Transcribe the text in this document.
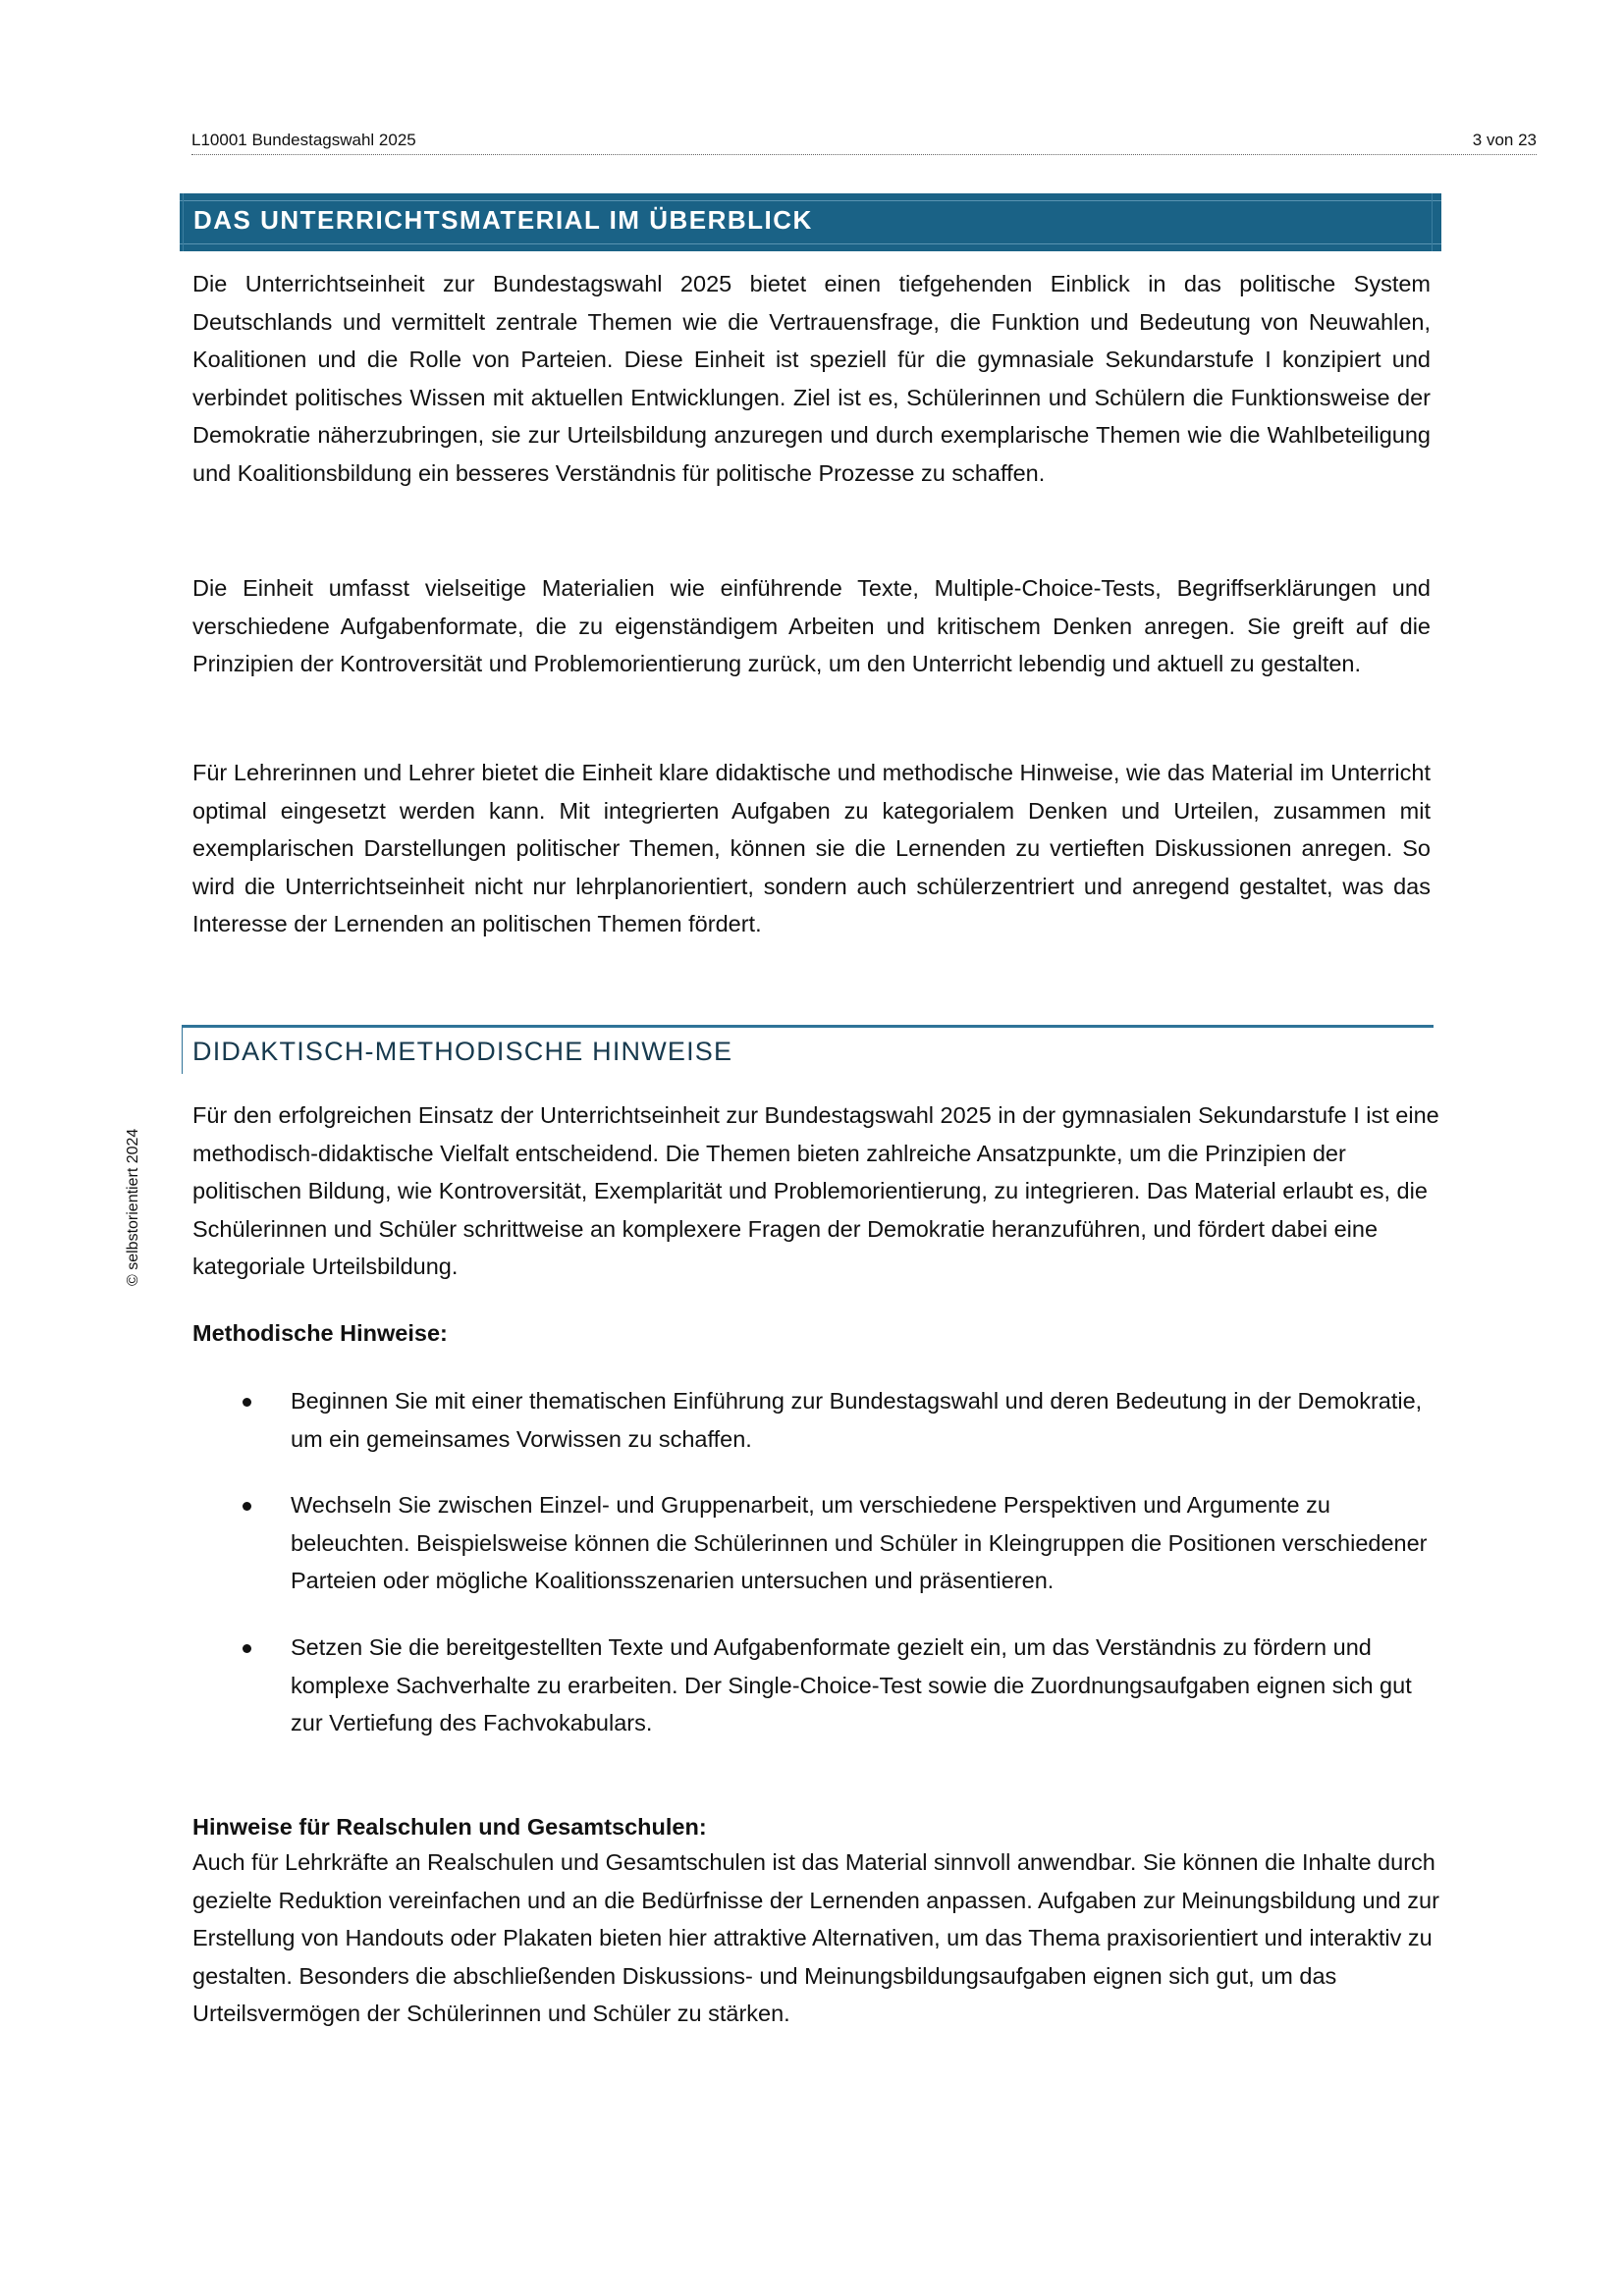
L10001 Bundestagswahl 2025	3 von 23
© selbstorientiert 2024
DAS UNTERRICHTSMATERIAL IM ÜBERBLICK

Die Unterrichtseinheit zur Bundestagswahl 2025 bietet einen tiefgehenden Einblick in das politische System Deutschlands und vermittelt zentrale Themen wie die Vertrauensfrage, die Funktion und Bedeutung von Neuwahlen, Koalitionen und die Rolle von Parteien. Diese Einheit ist speziell für die gymnasiale Sekundarstufe I konzipiert und verbindet politisches Wissen mit aktuellen Entwicklungen. Ziel ist es, Schülerinnen und Schülern die Funktionsweise der Demokratie näherzubringen, sie zur Urteilsbildung anzuregen und durch exemplarische Themen wie die Wahlbeteiligung und Koalitionsbildung ein besseres Verständnis für politische Prozesse zu schaffen.

Die Einheit umfasst vielseitige Materialien wie einführende Texte, Multiple-Choice-Tests, Begriffserklärungen und verschiedene Aufgabenformate, die zu eigenständigem Arbeiten und kritischem Denken anregen. Sie greift auf die Prinzipien der Kontroversität und Problemorientierung zurück, um den Unterricht lebendig und aktuell zu gestalten.

Für Lehrerinnen und Lehrer bietet die Einheit klare didaktische und methodische Hinweise, wie das Material im Unterricht optimal eingesetzt werden kann. Mit integrierten Aufgaben zu kategorialem Denken und Urteilen, zusammen mit exemplarischen Darstellungen politischer Themen, können sie die Lernenden zu vertieften Diskussionen anregen. So wird die Unterrichtseinheit nicht nur lehrplanorientiert, sondern auch schülerzentriert und anregend gestaltet, was das Interesse der Lernenden an politischen Themen fördert.

DIDAKTISCH-METHODISCHE HINWEISE

Für den erfolgreichen Einsatz der Unterrichtseinheit zur Bundestagswahl 2025 in der gymnasialen Sekundarstufe I ist eine methodisch-didaktische Vielfalt entscheidend. Die Themen bieten zahlreiche Ansatzpunkte, um die Prinzipien der politischen Bildung, wie Kontroversität, Exemplarität und Problemorientierung, zu integrieren. Das Material erlaubt es, die Schülerinnen und Schüler schrittweise an komplexere Fragen der Demokratie heranzuführen, und fördert dabei eine kategoriale Urteilsbildung.

Methodische Hinweise:
Beginnen Sie mit einer thematischen Einführung zur Bundestagswahl und deren Bedeutung in der Demokratie, um ein gemeinsames Vorwissen zu schaffen.
Wechseln Sie zwischen Einzel- und Gruppenarbeit, um verschiedene Perspektiven und Argumente zu beleuchten. Beispielsweise können die Schülerinnen und Schüler in Kleingruppen die Positionen verschiedener Parteien oder mögliche Koalitionsszenarien untersuchen und präsentieren.
Setzen Sie die bereitgestellten Texte und Aufgabenformate gezielt ein, um das Verständnis zu fördern und komplexe Sachverhalte zu erarbeiten. Der Single-Choice-Test sowie die Zuordnungsaufgaben eignen sich gut zur Vertiefung des Fachvokabulars.
Hinweise für Realschulen und Gesamtschulen:

Auch für Lehrkräfte an Realschulen und Gesamtschulen ist das Material sinnvoll anwendbar. Sie können die Inhalte durch gezielte Reduktion vereinfachen und an die Bedürfnisse der Lernenden anpassen. Aufgaben zur Meinungsbildung und zur Erstellung von Handouts oder Plakaten bieten hier attraktive Alternativen, um das Thema praxisorientiert und interaktiv zu gestalten. Besonders die abschließenden Diskussions- und Meinungsbildungsaufgaben eignen sich gut, um das Urteilsvermögen der Schülerinnen und Schüler zu stärken.
